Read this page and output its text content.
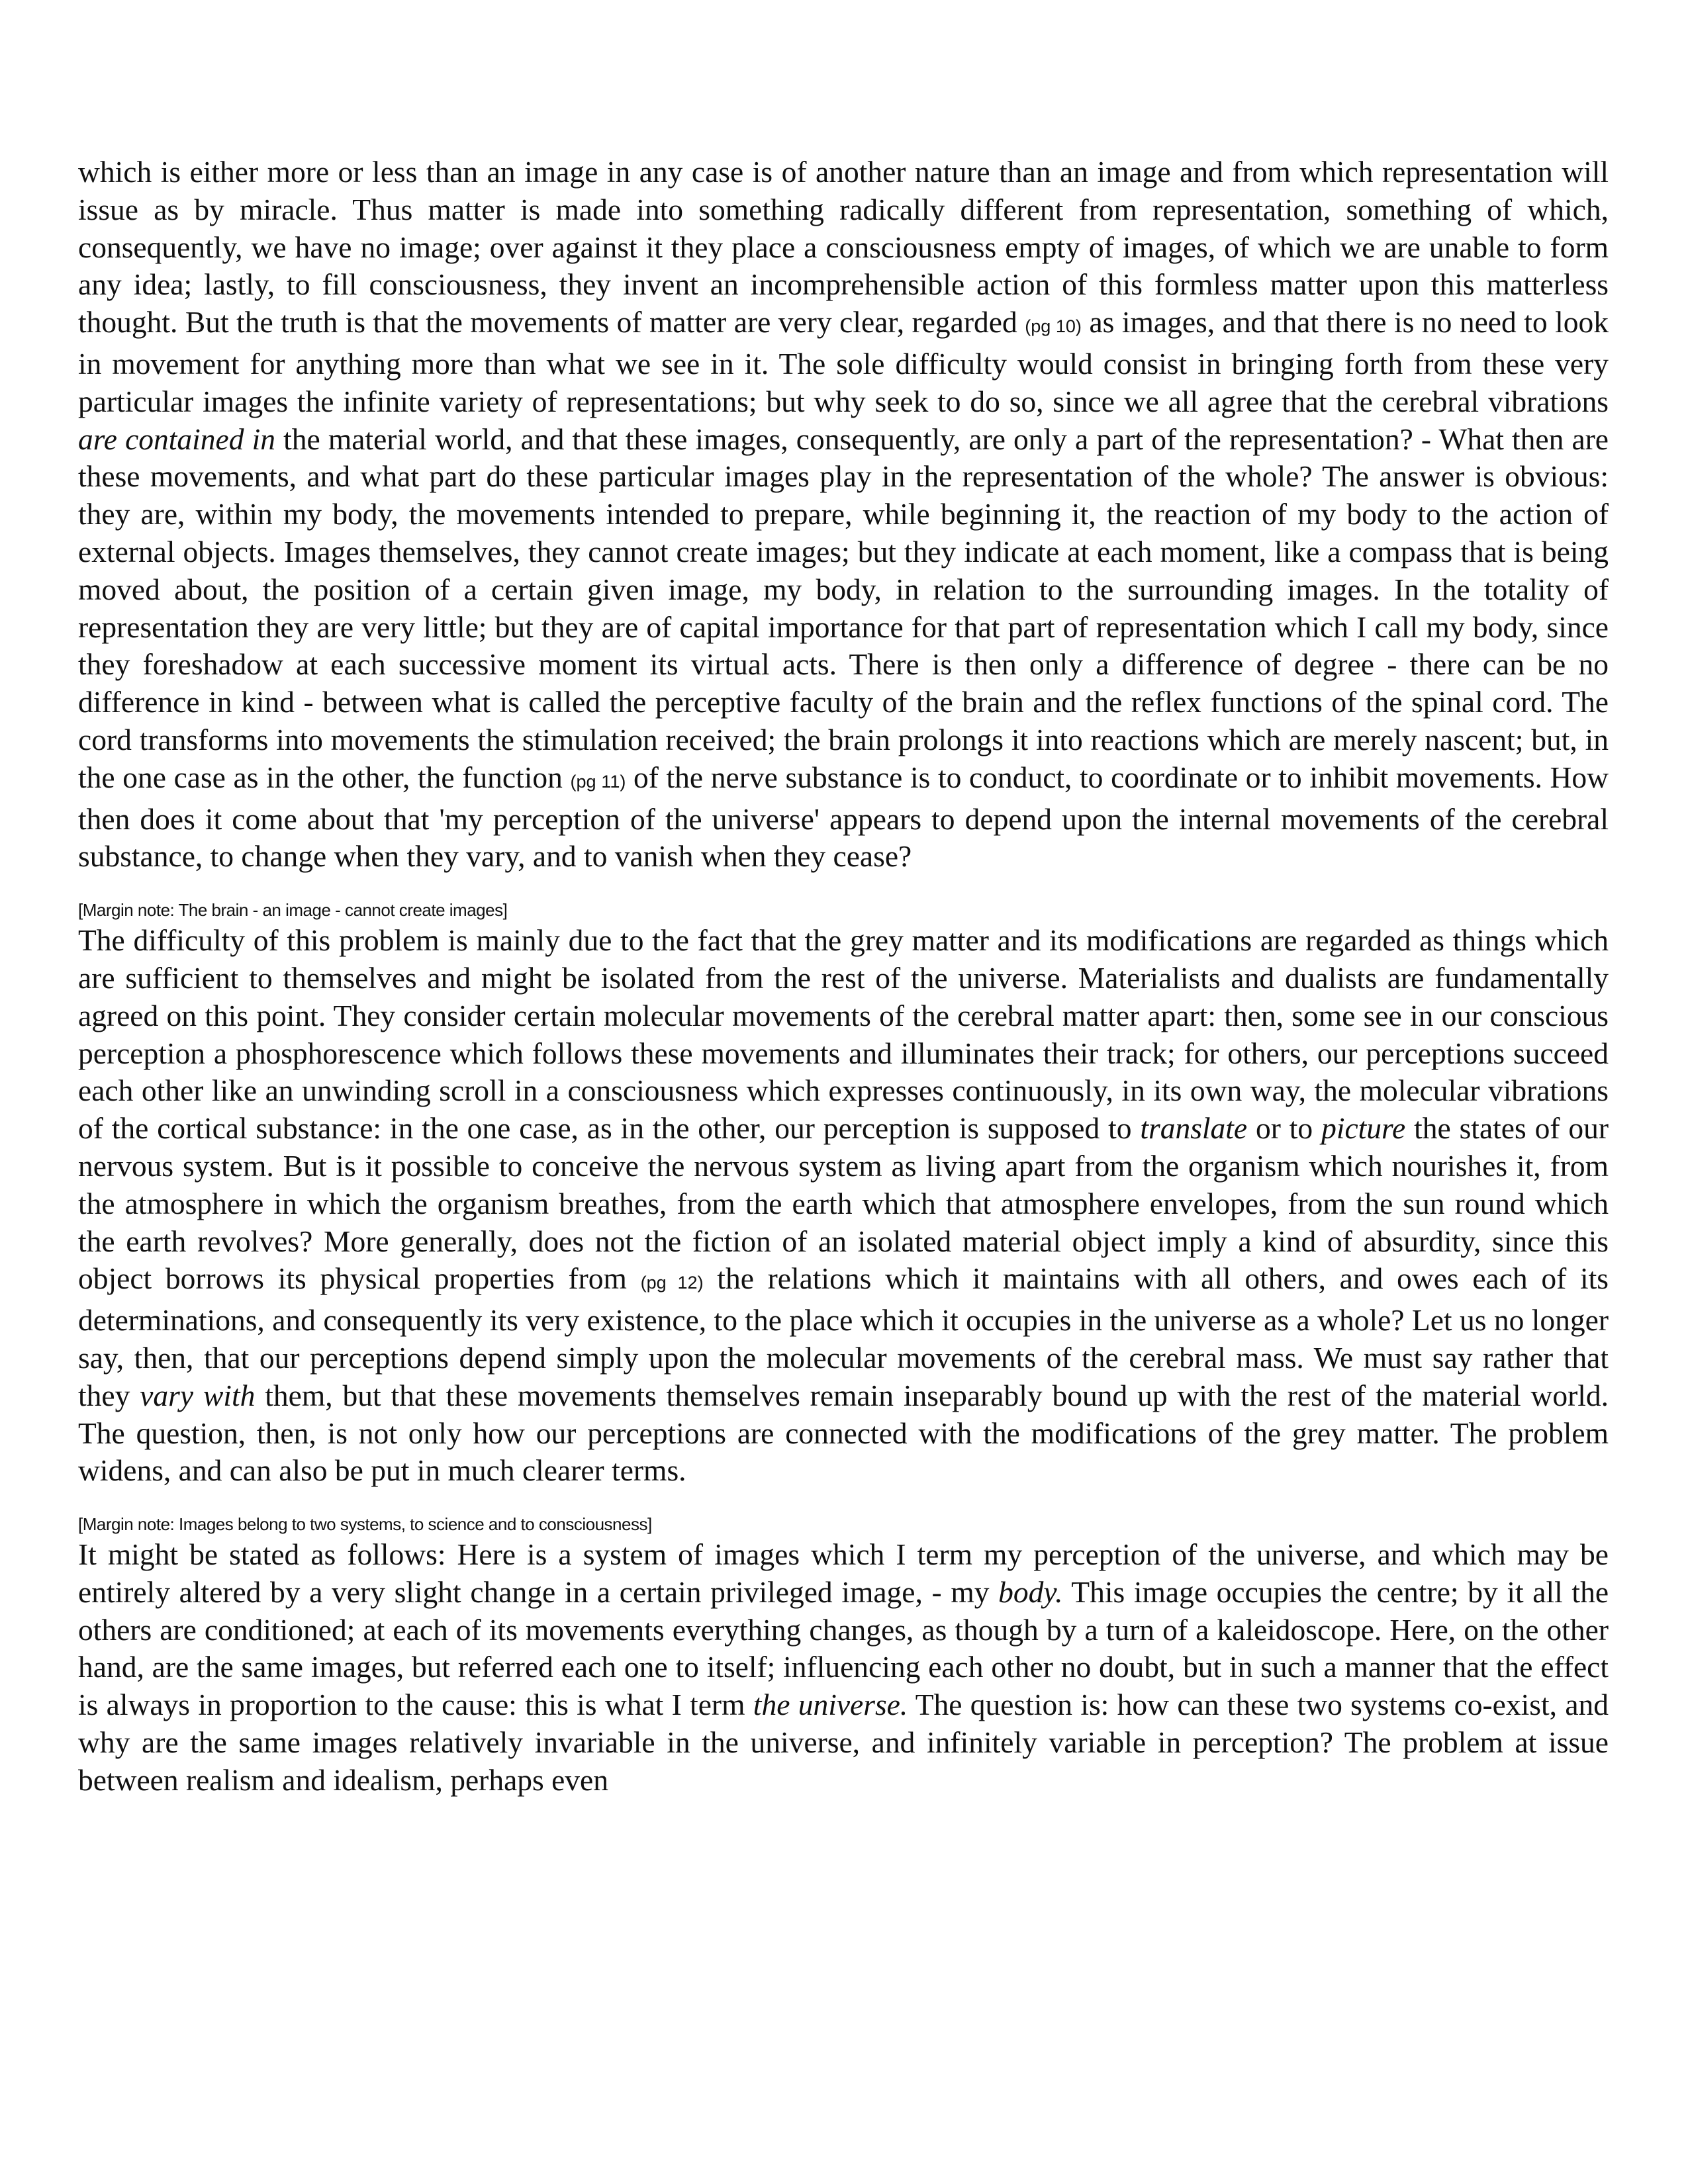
which is either more or less than an image in any case is of another nature than an image and from which representation will issue as by miracle. Thus matter is made into something radically different from representation, something of which, consequently, we have no image; over against it they place a consciousness empty of images, of which we are unable to form any idea; lastly, to fill consciousness, they invent an incomprehensible action of this formless matter upon this matterless thought. But the truth is that the movements of matter are very clear, regarded (pg 10) as images, and that there is no need to look in movement for anything more than what we see in it. The sole difficulty would consist in bringing forth from these very particular images the infinite variety of representations; but why seek to do so, since we all agree that the cerebral vibrations are contained in the material world, and that these images, consequently, are only a part of the representation? - What then are these movements, and what part do these particular images play in the representation of the whole? The answer is obvious: they are, within my body, the movements intended to prepare, while beginning it, the reaction of my body to the action of external objects. Images themselves, they cannot create images; but they indicate at each moment, like a compass that is being moved about, the position of a certain given image, my body, in relation to the surrounding images. In the totality of representation they are very little; but they are of capital importance for that part of representation which I call my body, since they foreshadow at each successive moment its virtual acts. There is then only a difference of degree - there can be no difference in kind - between what is called the perceptive faculty of the brain and the reflex functions of the spinal cord. The cord transforms into movements the stimulation received; the brain prolongs it into reactions which are merely nascent; but, in the one case as in the other, the function (pg 11) of the nerve substance is to conduct, to coordinate or to inhibit movements. How then does it come about that 'my perception of the universe' appears to depend upon the internal movements of the cerebral substance, to change when they vary, and to vanish when they cease?

[Margin note: The brain - an image - cannot create images]

The difficulty of this problem is mainly due to the fact that the grey matter and its modifications are regarded as things which are sufficient to themselves and might be isolated from the rest of the universe. Materialists and dualists are fundamentally agreed on this point. They consider certain molecular movements of the cerebral matter apart: then, some see in our conscious perception a phosphorescence which follows these movements and illuminates their track; for others, our perceptions succeed each other like an unwinding scroll in a consciousness which expresses continuously, in its own way, the molecular vibrations of the cortical substance: in the one case, as in the other, our perception is supposed to translate or to picture the states of our nervous system. But is it possible to conceive the nervous system as living apart from the organism which nourishes it, from the atmosphere in which the organism breathes, from the earth which that atmosphere envelopes, from the sun round which the earth revolves? More generally, does not the fiction of an isolated material object imply a kind of absurdity, since this object borrows its physical properties from (pg 12) the relations which it maintains with all others, and owes each of its determinations, and consequently its very existence, to the place which it occupies in the universe as a whole? Let us no longer say, then, that our perceptions depend simply upon the molecular movements of the cerebral mass. We must say rather that they vary with them, but that these movements themselves remain inseparably bound up with the rest of the material world. The question, then, is not only how our perceptions are connected with the modifications of the grey matter. The problem widens, and can also be put in much clearer terms.

[Margin note: Images belong to two systems, to science and to consciousness]

It might be stated as follows: Here is a system of images which I term my perception of the universe, and which may be entirely altered by a very slight change in a certain privileged image, - my body. This image occupies the centre; by it all the others are conditioned; at each of its movements everything changes, as though by a turn of a kaleidoscope. Here, on the other hand, are the same images, but referred each one to itself; influencing each other no doubt, but in such a manner that the effect is always in proportion to the cause: this is what I term the universe. The question is: how can these two systems co-exist, and why are the same images relatively invariable in the universe, and infinitely variable in perception? The problem at issue between realism and idealism, perhaps even
